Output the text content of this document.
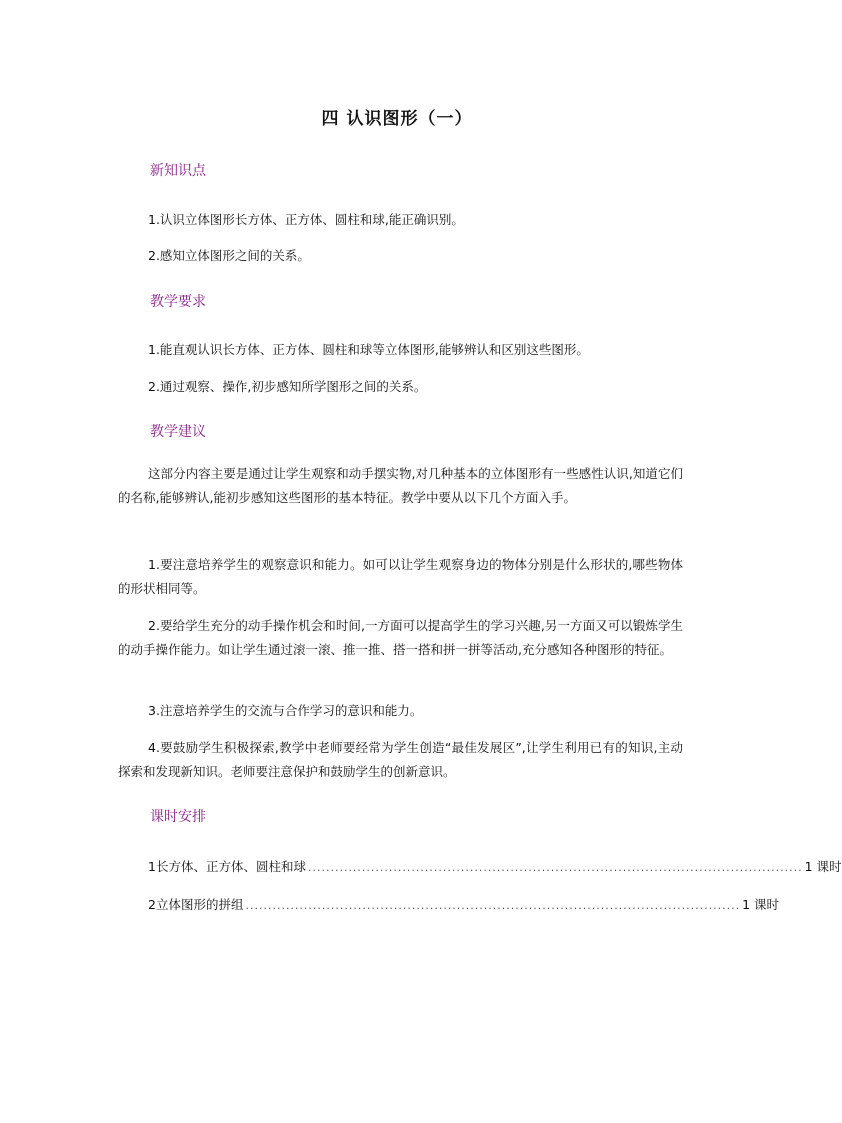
四 认识图形（一）
新知识点
1.认识立体图形长方体、正方体、圆柱和球,能正确识别。
2.感知立体图形之间的关系。
教学要求
1.能直观认识长方体、正方体、圆柱和球等立体图形,能够辨认和区别这些图形。
2.通过观察、操作,初步感知所学图形之间的关系。
教学建议
这部分内容主要是通过让学生观察和动手摆实物,对几种基本的立体图形有一些感性认识,知道它们的名称,能够辨认,能初步感知这些图形的基本特征。教学中要从以下几个方面入手。
1.要注意培养学生的观察意识和能力。如可以让学生观察身边的物体分别是什么形状的,哪些物体的形状相同等。
2.要给学生充分的动手操作机会和时间,一方面可以提高学生的学习兴趣,另一方面又可以锻炼学生的动手操作能力。如让学生通过滚一滚、推一推、搭一搭和拼一拼等活动,充分感知各种图形的特征。
3.注意培养学生的交流与合作学习的意识和能力。
4.要鼓励学生积极探索,教学中老师要经常为学生创造“最佳发展区”,让学生利用已有的知识,主动探索和发现新知识。老师要注意保护和鼓励学生的创新意识。
课时安排
1 长方体、正方体、圆柱和球 .............................................................................................................. 1 课时
2 立体图形的拼组 .............................................................................................................. 1 课时
